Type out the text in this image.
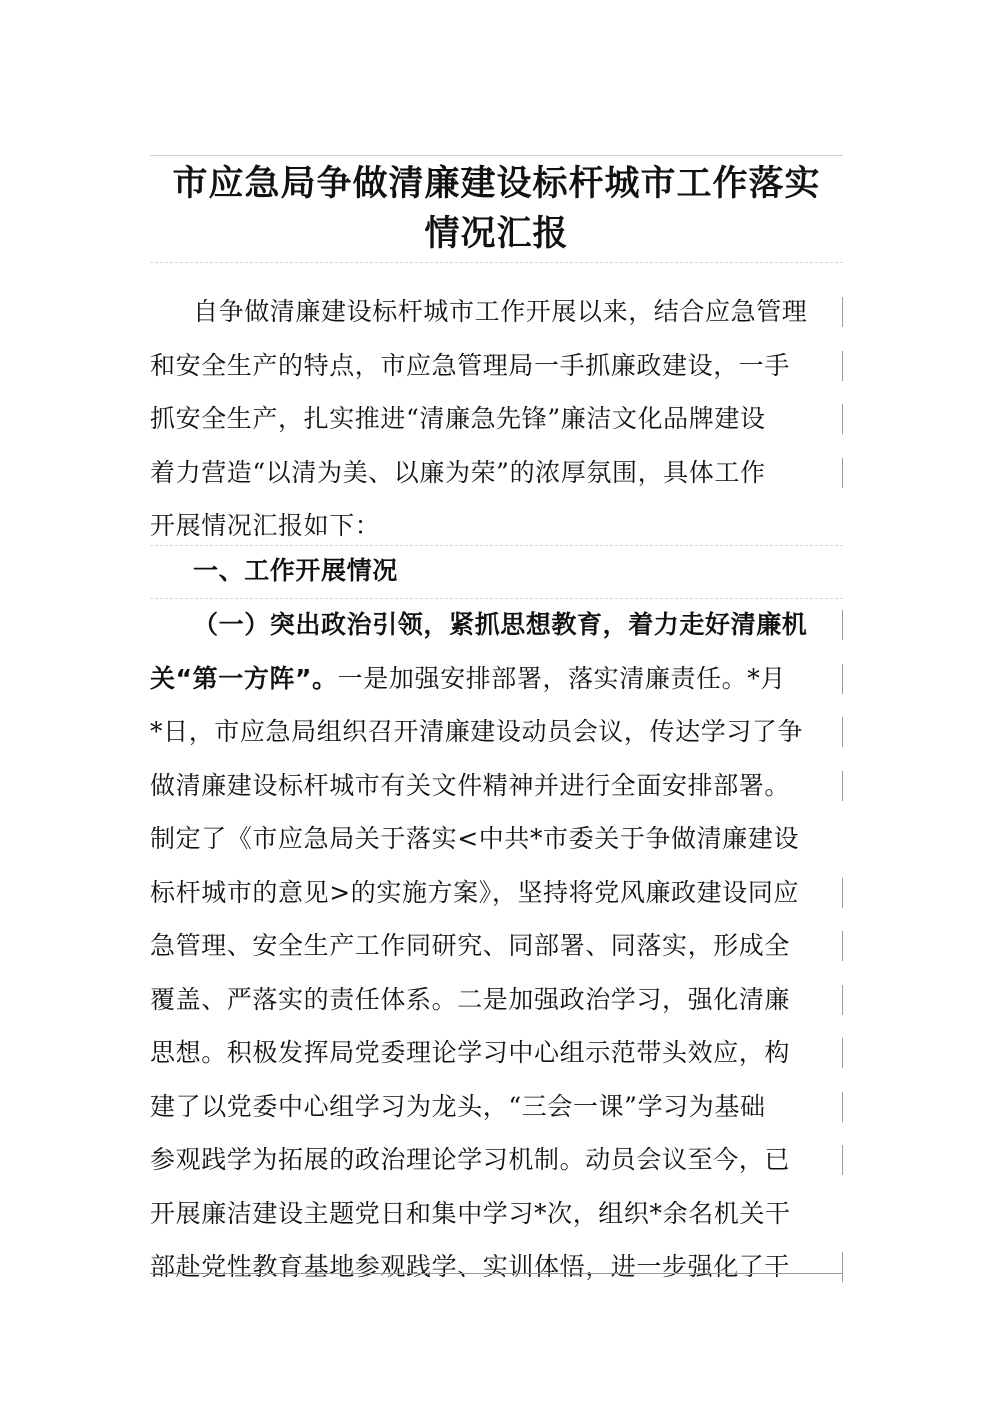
市应急局争做清廉建设标杆城市工作落实
情况汇报
自争做清廉建设标杆城市工作开展以来，结合应急管理
和安全生产的特点，市应急管理局一手抓廉政建设，一手
抓安全生产，扎实推进“清廉急先锋”廉洁文化品牌建设
着力营造“以清为美、以廉为荣”的浓厚氛围，具体工作
开展情况汇报如下：
一、工作开展情况
（一）突出政治引领，紧抓思想教育，着力走好清廉机
关“第一方阵”。一是加强安排部署，落实清廉责任。*月
*日，市应急局组织召开清廉建设动员会议，传达学习了争
做清廉建设标杆城市有关文件精神并进行全面安排部署。
制定了《市应急局关于落实<中共*市委关于争做清廉建设
标杆城市的意见>的实施方案》，坚持将党风廉政建设同应
急管理、安全生产工作同研究、同部署、同落实，形成全
覆盖、严落实的责任体系。二是加强政治学习，强化清廉
思想。积极发挥局党委理论学习中心组示范带头效应，构
建了以党委中心组学习为龙头，“三会一课”学习为基础
参观践学为拓展的政治理论学习机制。动员会议至今，已
开展廉洁建设主题党日和集中学习*次，组织*余名机关干
部赴党性教育基地参观践学、实训体悟，进一步强化了干
